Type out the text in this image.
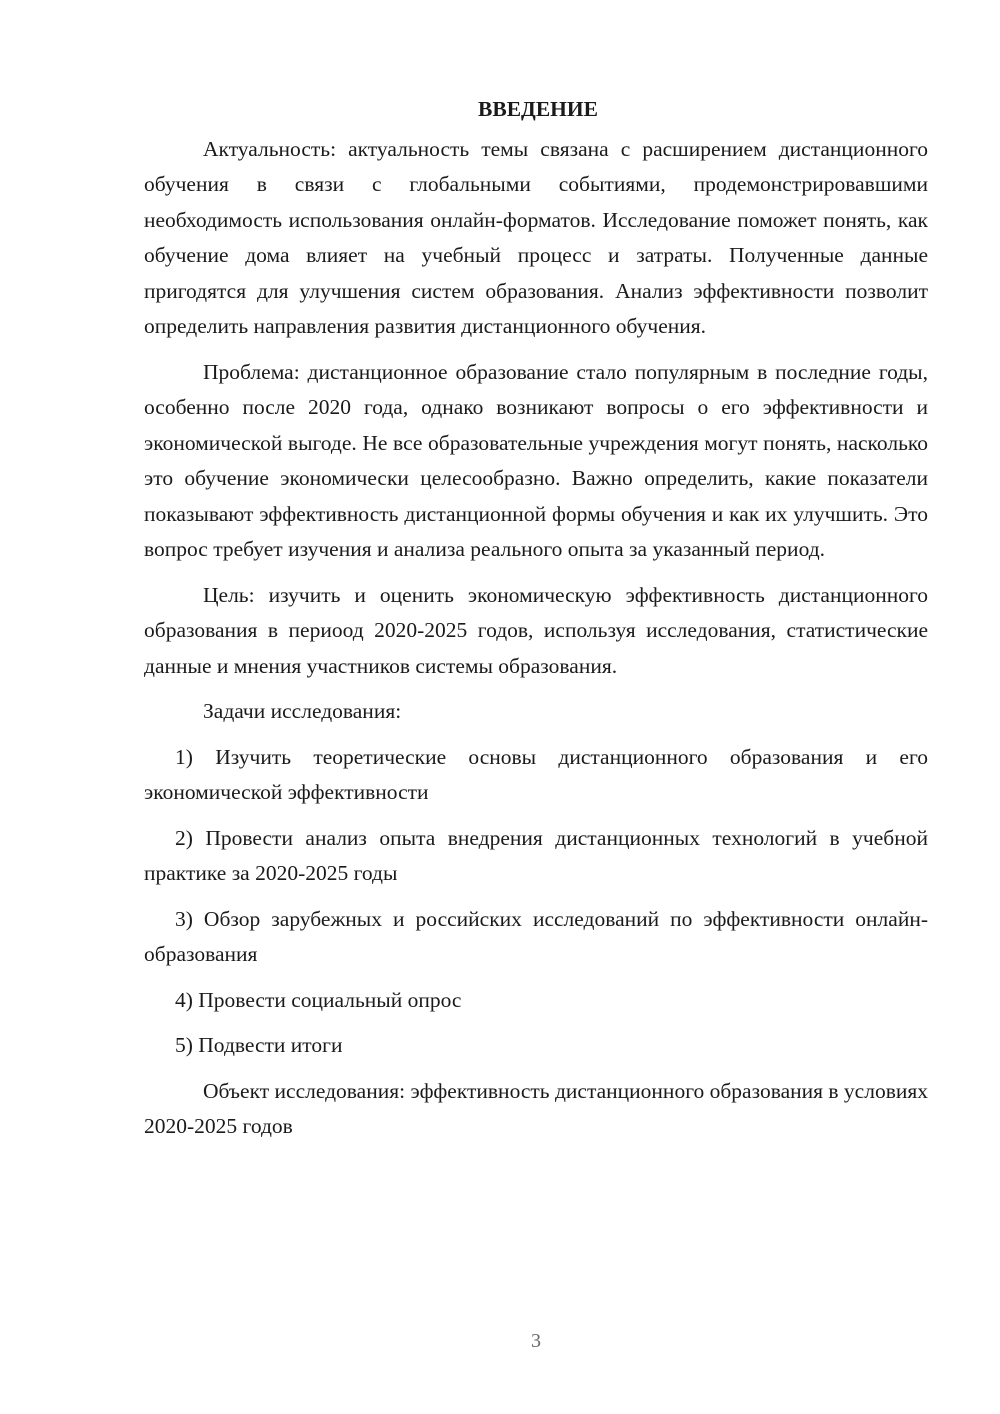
ВВЕДЕНИЕ

Актуальность: актуальность темы связана с расширением дистанционного обучения в связи с глобальными событиями, продемонстрировавшими необходимость использования онлайн-форматов. Исследование поможет понять, как обучение дома влияет на учебный процесс и затраты. Полученные данные пригодятся для улучшения систем образования. Анализ эффективности позволит определить направления развития дистанционного обучения.

Проблема: дистанционное образование стало популярным в последние годы, особенно после 2020 года, однако возникают вопросы о его эффективности и экономической выгоде. Не все образовательные учреждения могут понять, насколько это обучение экономически целесообразно. Важно определить, какие показатели показывают эффективность дистанционной формы обучения и как их улучшить. Это вопрос требует изучения и анализа реального опыта за указанный период.

Цель: изучить и оценить экономическую эффективность дистанционного образования в периоод 2020-2025 годов, используя исследования, статистические данные и мнения участников системы образования.

Задачи исследования:

1) Изучить теоретические основы дистанционного образования и его экономической эффективности

2) Провести анализ опыта внедрения дистанционных технологий в учебной практике за 2020-2025 годы

3) Обзор зарубежных и российских исследований по эффективности онлайн-образования

4) Провести социальный опрос

5) Подвести итоги

Объект исследования: эффективность дистанционного образования в условиях 2020-2025 годов

3
